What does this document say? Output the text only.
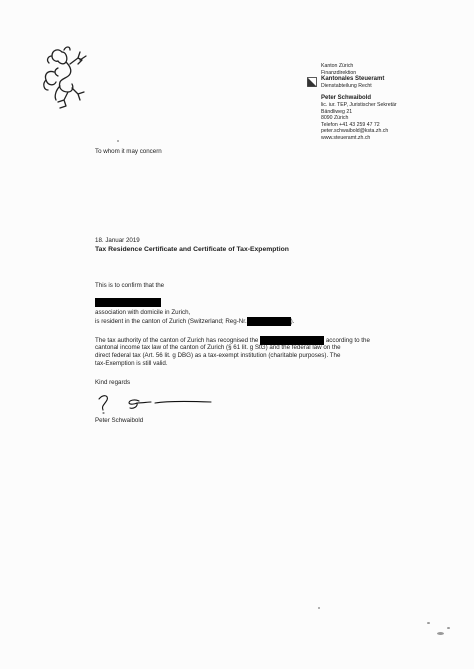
Kanton Zürich
Finanzdirektion
Kantonales Steueramt
Dienstabteilung Recht
Peter Schwaibold
lic. iur. TEP, Juristischer Sekretär
Bändliweg 21
8090 Zürich
Telefon +41 43 259 47 72
peter.schwaibold@ksta.zh.ch
www.steueramt.zh.ch
To whom it may concern
18. Januar 2019
Tax Residence Certificate and Certificate of Tax-Expemption
This is to confirm that the
association with domicile in Zurich,
is resident in the canton of Zurich (Switzerland; Reg-Nr.	).
The tax authority of the canton of Zurich has recognised the	according to the
cantonal income tax law of the canton of Zurich (§ 61 lit. g StG) and the federal law on the
direct federal tax (Art. 56 lit. g DBG) as a tax-exempt institution (charitable purposes). The
tax-Exemption is still valid.
Kind regards
Peter Schwaibold
